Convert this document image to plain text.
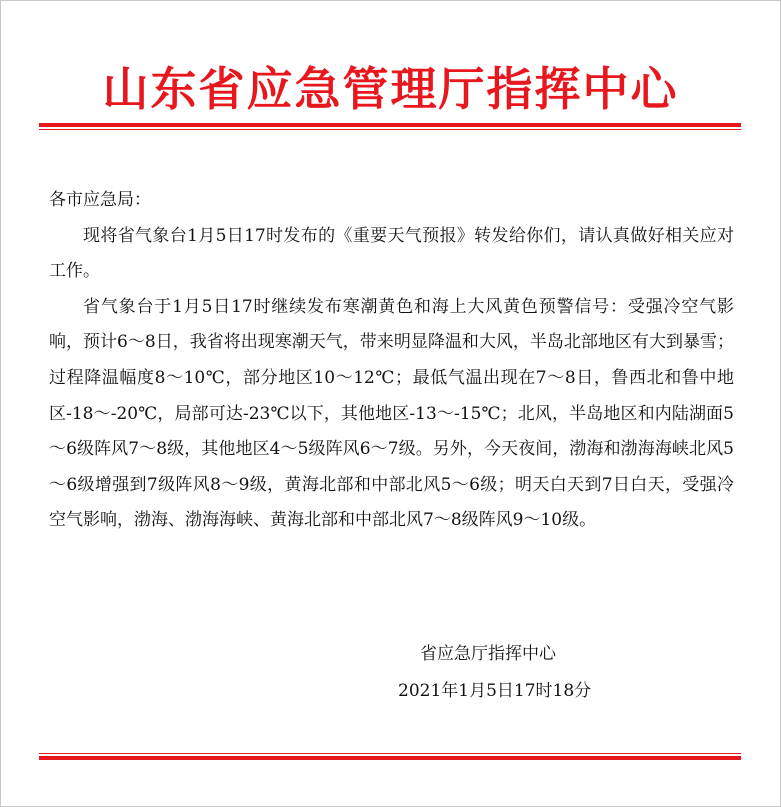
山东省应急管理厅指挥中心

各市应急局：

现将省气象台1月5日17时发布的《重要天气预报》转发给你们，请认真做好相关应对工作。

省气象台于1月5日17时继续发布寒潮黄色和海上大风黄色预警信号：受强冷空气影响，预计6～8日，我省将出现寒潮天气，带来明显降温和大风，半岛北部地区有大到暴雪；过程降温幅度8～10℃，部分地区10～12℃；最低气温出现在7～8日，鲁西北和鲁中地区-18～-20℃，局部可达-23℃以下，其他地区-13～-15℃；北风，半岛地区和内陆湖面5～6级阵风7～8级，其他地区4～5级阵风6～7级。另外，今天夜间，渤海和渤海海峡北风5～6级增强到7级阵风8～9级，黄海北部和中部北风5～6级；明天白天到7日白天，受强冷空气影响，渤海、渤海海峡、黄海北部和中部北风7～8级阵风9～10级。

省应急厅指挥中心
2021年1月5日17时18分
